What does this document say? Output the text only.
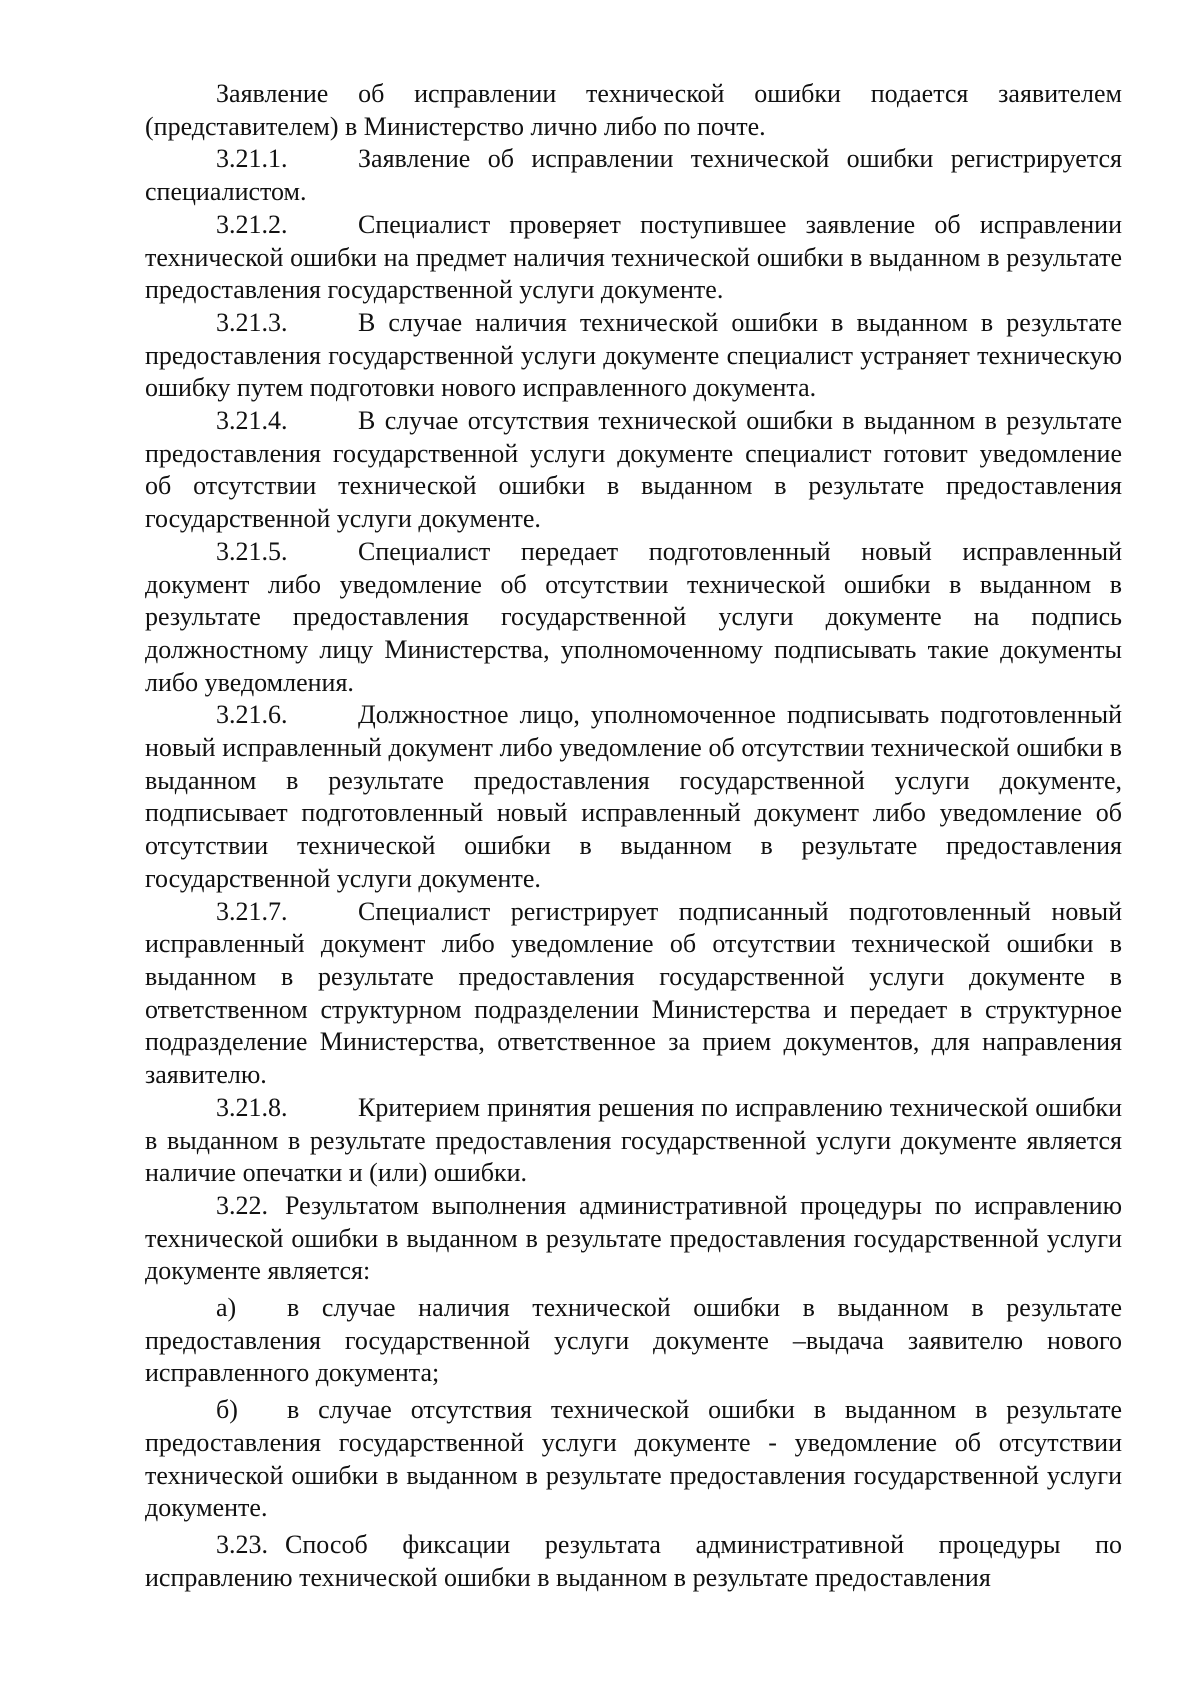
Заявление об исправлении технической ошибки подается заявителем (представителем) в Министерство лично либо по почте.

3.21.1.	Заявление об исправлении технической ошибки регистрируется специалистом.

3.21.2.	Специалист проверяет поступившее заявление об исправлении технической ошибки на предмет наличия технической ошибки в выданном в результате предоставления государственной услуги документе.

3.21.3.	В случае наличия технической ошибки в выданном в результате предоставления государственной услуги документе специалист устраняет техническую ошибку путем подготовки нового исправленного документа.

3.21.4.	В случае отсутствия технической ошибки в выданном в результате предоставления государственной услуги документе специалист готовит уведомление об отсутствии технической ошибки в выданном в результате предоставления государственной услуги документе.

3.21.5.	Специалист передает подготовленный новый исправленный документ либо уведомление об отсутствии технической ошибки в выданном в результате предоставления государственной услуги документе на подпись должностному лицу Министерства, уполномоченному подписывать такие документы либо уведомления.

3.21.6.	Должностное лицо, уполномоченное подписывать подготовленный новый исправленный документ либо уведомление об отсутствии технической ошибки в выданном в результате предоставления государственной услуги документе, подписывает подготовленный новый исправленный документ либо уведомление об отсутствии технической ошибки в выданном в результате предоставления государственной услуги документе.

3.21.7.	Специалист регистрирует подписанный подготовленный новый исправленный документ либо уведомление об отсутствии технической ошибки в выданном в результате предоставления государственной услуги документе в ответственном структурном подразделении Министерства и передает в структурное подразделение Министерства, ответственное за прием документов, для направления заявителю.

3.21.8.	Критерием принятия решения по исправлению технической ошибки в выданном в результате предоставления государственной услуги документе является наличие опечатки и (или) ошибки.

3.22. Результатом выполнения административной процедуры по исправлению технической ошибки в выданном в результате предоставления государственной услуги документе является:

а) в случае наличия технической ошибки в выданном в результате предоставления государственной услуги документе –выдача заявителю нового исправленного документа;

б) в случае отсутствия технической ошибки в выданном в результате предоставления государственной услуги документе - уведомление об отсутствии технической ошибки в выданном в результате предоставления государственной услуги документе.

3.23. Способ фиксации результата административной процедуры по исправлению технической ошибки в выданном в результате предоставления
